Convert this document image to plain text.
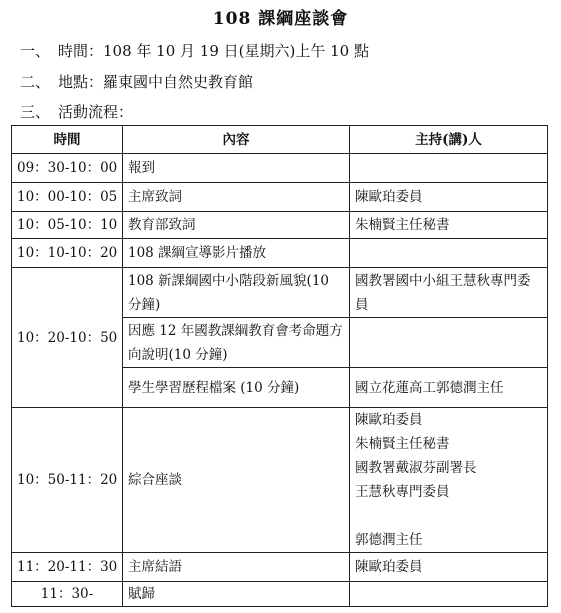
108 課綱座談會
一、 時間：108 年 10 月 19 日(星期六)上午 10 點
二、 地點：羅東國中自然史教育館
三、 活動流程：
時間	內容	主持(講)人
09：30-10：00	報到	
10：00-10：05	主席致詞	陳歐珀委員
10：05-10：10	教育部致詞	朱楠賢主任秘書
10：10-10：20	108 課綱宣導影片播放	
10：20-10：50	108 新課綱國中小階段新風貌(10 分鐘)	國教署國中小組王慧秋專門委員
	因應 12 年國教課綱教育會考命題方向說明(10 分鐘)	
	學生學習歷程檔案 (10 分鐘)	國立花蓮高工郭德潤主任
10：50-11：20	綜合座談	陳歐珀委員
朱楠賢主任秘書
國教署戴淑芬副署長
王慧秋專門委員
郭德潤主任

11：20-11：30	主席結語	陳歐珀委員
11：30-	賦歸	
